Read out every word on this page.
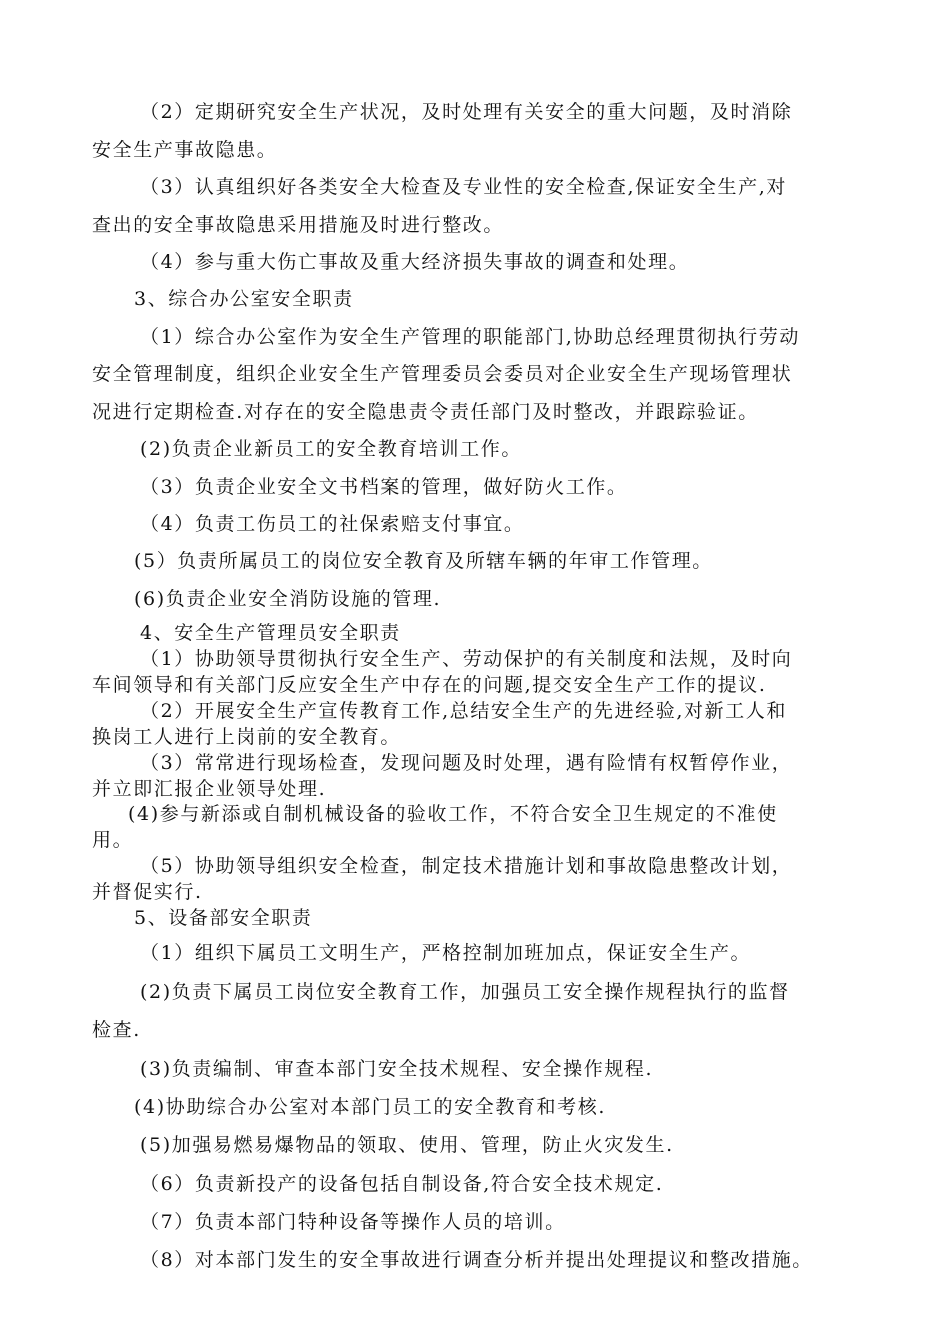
（2）定期研究安全生产状况，及时处理有关安全的重大问题，及时消除

安全生产事故隐患。

（3）认真组织好各类安全大检查及专业性的安全检查,保证安全生产,对

查出的安全事故隐患采用措施及时进行整改。

（4）参与重大伤亡事故及重大经济损失事故的调查和处理。

3、综合办公室安全职责

（1）综合办公室作为安全生产管理的职能部门,协助总经理贯彻执行劳动

安全管理制度，组织企业安全生产管理委员会委员对企业安全生产现场管理状

况进行定期检查.对存在的安全隐患责令责任部门及时整改，并跟踪验证。

(2)负责企业新员工的安全教育培训工作。

（3）负责企业安全文书档案的管理，做好防火工作。

（4）负责工伤员工的社保索赔支付事宜。

(5）负责所属员工的岗位安全教育及所辖车辆的年审工作管理。

(6)负责企业安全消防设施的管理.

4、安全生产管理员安全职责

（1）协助领导贯彻执行安全生产、劳动保护的有关制度和法规，及时向

车间领导和有关部门反应安全生产中存在的问题,提交安全生产工作的提议.

（2）开展安全生产宣传教育工作,总结安全生产的先进经验,对新工人和

换岗工人进行上岗前的安全教育。

（3）常常进行现场检查，发现问题及时处理，遇有险情有权暂停作业，

并立即汇报企业领导处理.

(4)参与新添或自制机械设备的验收工作，不符合安全卫生规定的不准使

用。

（5）协助领导组织安全检查，制定技术措施计划和事故隐患整改计划，

并督促实行.

5、设备部安全职责

（1）组织下属员工文明生产，严格控制加班加点，保证安全生产。

(2)负责下属员工岗位安全教育工作，加强员工安全操作规程执行的监督

检查.

(3)负责编制、审查本部门安全技术规程、安全操作规程.

(4)协助综合办公室对本部门员工的安全教育和考核.

(5)加强易燃易爆物品的领取、使用、管理，防止火灾发生.

（6）负责新投产的设备包括自制设备,符合安全技术规定.

（7）负责本部门特种设备等操作人员的培训。

（8）对本部门发生的安全事故进行调查分析并提出处理提议和整改措施。
